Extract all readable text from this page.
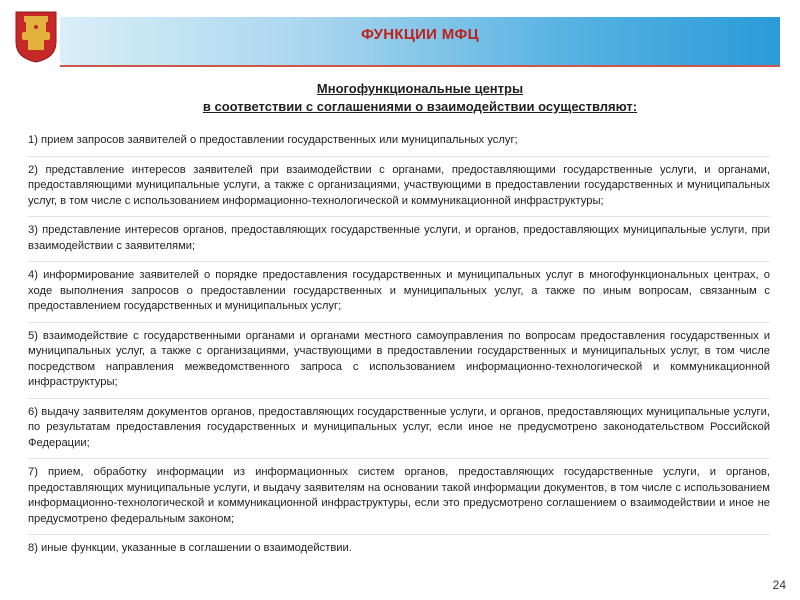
ФУНКЦИИ МФЦ
Многофункциональные центры
в соответствии с соглашениями о взаимодействии осуществляют:

1) прием запросов заявителей о предоставлении государственных или муниципальных услуг;

2) представление интересов заявителей при взаимодействии с органами, предоставляющими государственные услуги, и органами, предоставляющими муниципальные услуги, а также с организациями, участвующими в предоставлении государственных и муниципальных услуг, в том числе с использованием информационно-технологической и коммуникационной инфраструктуры;

3) представление интересов органов, предоставляющих государственные услуги, и органов, предоставляющих муниципальные услуги, при взаимодействии с заявителями;

4) информирование заявителей о порядке предоставления государственных и муниципальных услуг в многофункциональных центрах, о ходе выполнения запросов о предоставлении государственных и муниципальных услуг, а также по иным вопросам, связанным с предоставлением государственных и муниципальных услуг;

5) взаимодействие с государственными органами и органами местного самоуправления по вопросам предоставления государственных и муниципальных услуг, а также с организациями, участвующими в предоставлении государственных и муниципальных услуг, в том числе посредством направления межведомственного запроса с использованием информационно-технологической и коммуникационной инфраструктуры;

6) выдачу заявителям документов органов, предоставляющих государственные услуги, и органов, предоставляющих муниципальные услуги, по результатам предоставления государственных и муниципальных услуг, если иное не предусмотрено законодательством Российской Федерации;

7) прием, обработку информации из информационных систем органов, предоставляющих государственные услуги, и органов, предоставляющих муниципальные услуги, и выдачу заявителям на основании такой информации документов, в том числе с использованием информационно-технологической и коммуникационной инфраструктуры, если это предусмотрено соглашением о взаимодействии и иное не предусмотрено федеральным законом;

8) иные функции, указанные в соглашении о взаимодействии.

24
